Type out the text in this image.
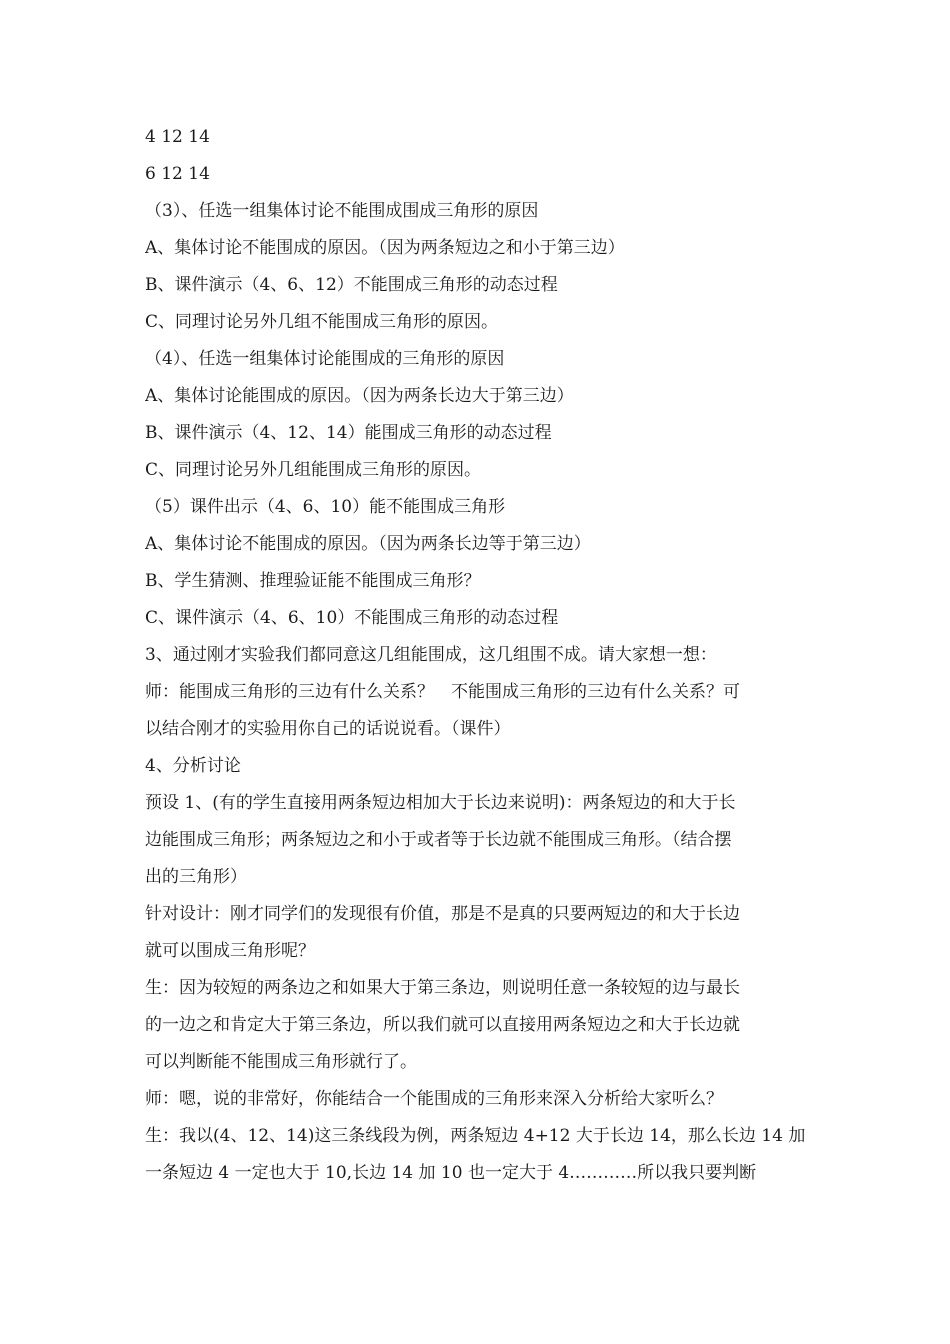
4 12 14
6 12 14
（3）、任选一组集体讨论不能围成围成三角形的原因
A、集体讨论不能围成的原因。（因为两条短边之和小于第三边）
B、课件演示（4、6、12）不能围成三角形的动态过程
C、同理讨论另外几组不能围成三角形的原因。
（4）、任选一组集体讨论能围成的三角形的原因
A、集体讨论能围成的原因。（因为两条长边大于第三边）
B、课件演示（4、12、14）能围成三角形的动态过程
C、同理讨论另外几组能围成三角形的原因。
（5）课件出示（4、6、10）能不能围成三角形
A、集体讨论不能围成的原因。（因为两条长边等于第三边）
B、学生猜测、推理验证能不能围成三角形？
C、课件演示（4、6、10）不能围成三角形的动态过程
3、通过刚才实验我们都同意这几组能围成，这几组围不成。请大家想一想：
师：能围成三角形的三边有什么关系？　不能围成三角形的三边有什么关系？可
以结合刚才的实验用你自己的话说说看。（课件）
4、分析讨论
预设 1、(有的学生直接用两条短边相加大于长边来说明)：两条短边的和大于长
边能围成三角形；两条短边之和小于或者等于长边就不能围成三角形。（结合摆
出的三角形）
针对设计：刚才同学们的发现很有价值，那是不是真的只要两短边的和大于长边
就可以围成三角形呢？
生：因为较短的两条边之和如果大于第三条边，则说明任意一条较短的边与最长
的一边之和肯定大于第三条边，所以我们就可以直接用两条短边之和大于长边就
可以判断能不能围成三角形就行了。
师：嗯，说的非常好，你能结合一个能围成的三角形来深入分析给大家听么？
生：我以(4、12、14)这三条线段为例，两条短边 4+12 大于长边 14，那么长边 14 加
一条短边 4 一定也大于 10,长边 14 加 10 也一定大于 4…………所以我只要判断
